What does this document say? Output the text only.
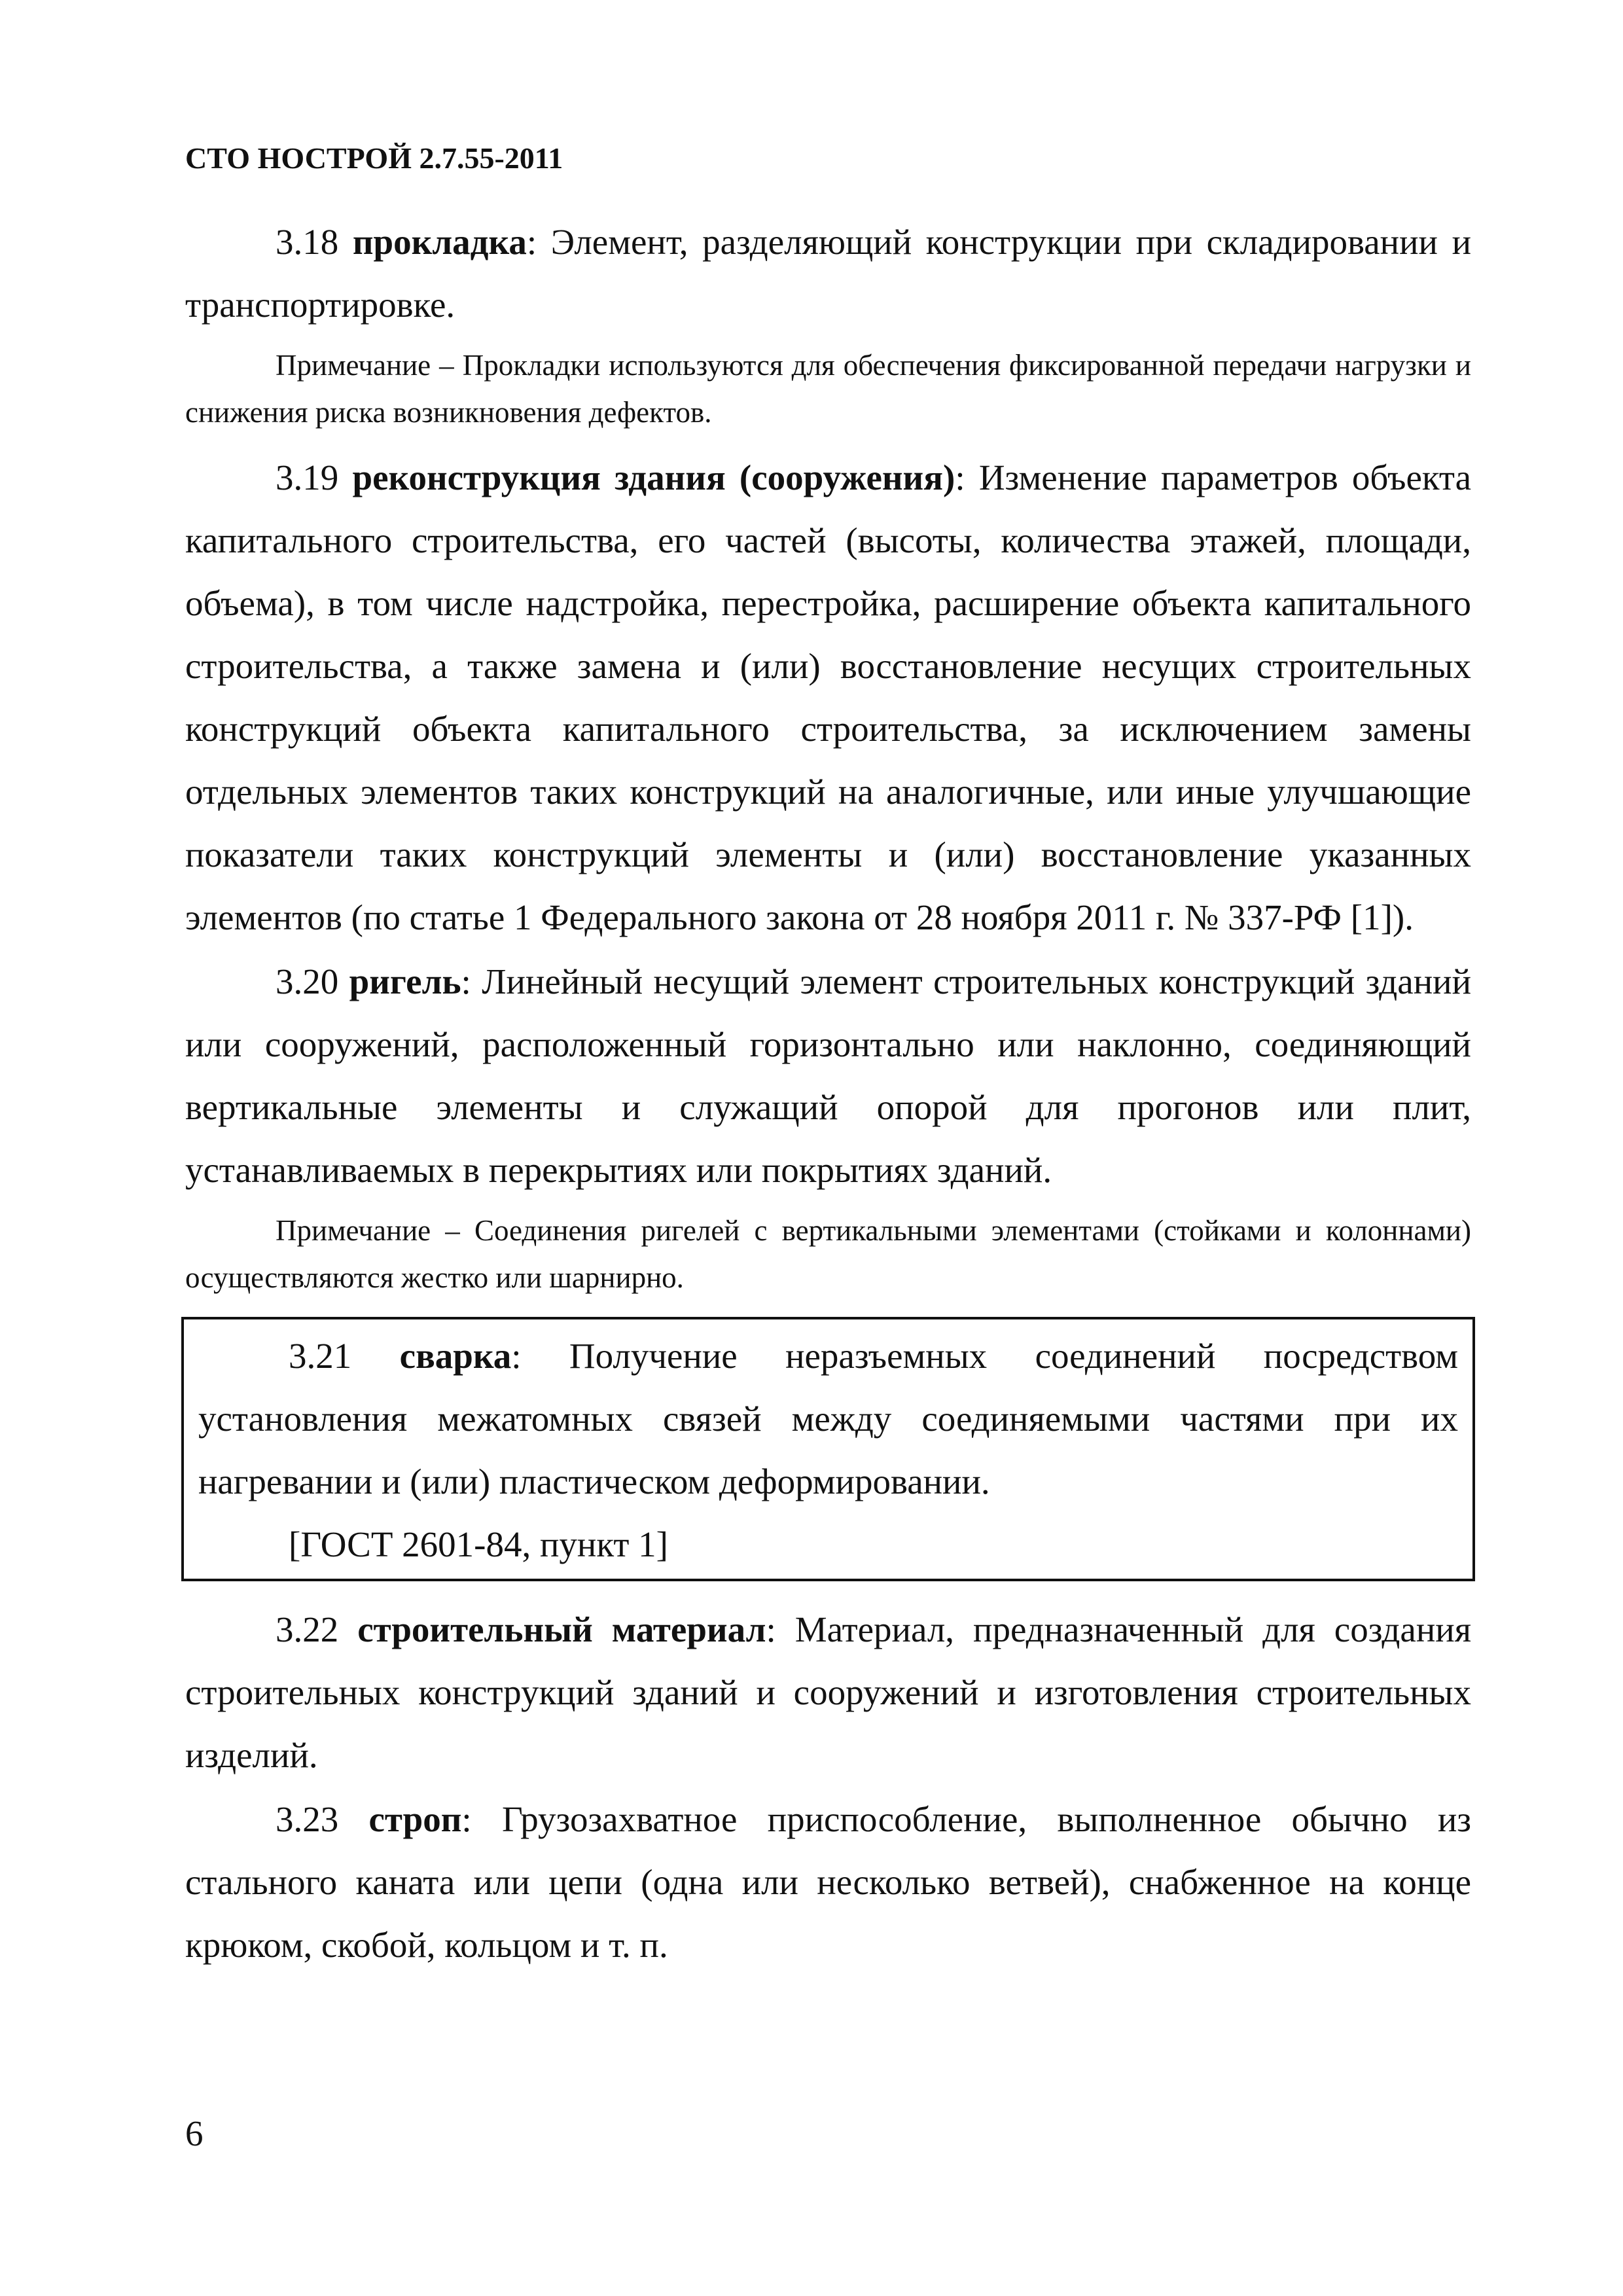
СТО НОСТРОЙ 2.7.55-2011

3.18 прокладка: Элемент, разделяющий конструкции при складировании и транспортировке.

Примечание – Прокладки используются для обеспечения фиксированной передачи нагрузки и снижения риска возникновения дефектов.

3.19 реконструкция здания (сооружения): Изменение параметров объекта капитального строительства, его частей (высоты, количества этажей, площади, объема), в том числе надстройка, перестройка, расширение объекта капитального строительства, а также замена и (или) восстановление несущих строительных конструкций объекта капитального строительства, за исключением замены отдельных элементов таких конструкций на аналогичные, или иные улучшающие показатели таких конструкций элементы и (или) восстановление указанных элементов (по статье 1 Федерального закона от 28 ноября 2011 г. № 337-РФ [1]).

3.20 ригель: Линейный несущий элемент строительных конструкций зданий или сооружений, расположенный горизонтально или наклонно, соединяющий вертикальные элементы и служащий опорой для прогонов или плит, устанавливаемых в перекрытиях или покрытиях зданий.

Примечание – Соединения ригелей с вертикальными элементами (стойками и колоннами) осуществляются жестко или шарнирно.

3.21 сварка: Получение неразъемных соединений посредством установления межатомных связей между соединяемыми частями при их нагревании и (или) пластическом деформировании.

[ГОСТ 2601-84, пункт 1]

3.22 строительный материал: Материал, предназначенный для создания строительных конструкций зданий и сооружений и изготовления строительных изделий.

3.23 строп: Грузозахватное приспособление, выполненное обычно из стального каната или цепи (одна или несколько ветвей), снабженное на конце крюком, скобой, кольцом и т. п.

6
